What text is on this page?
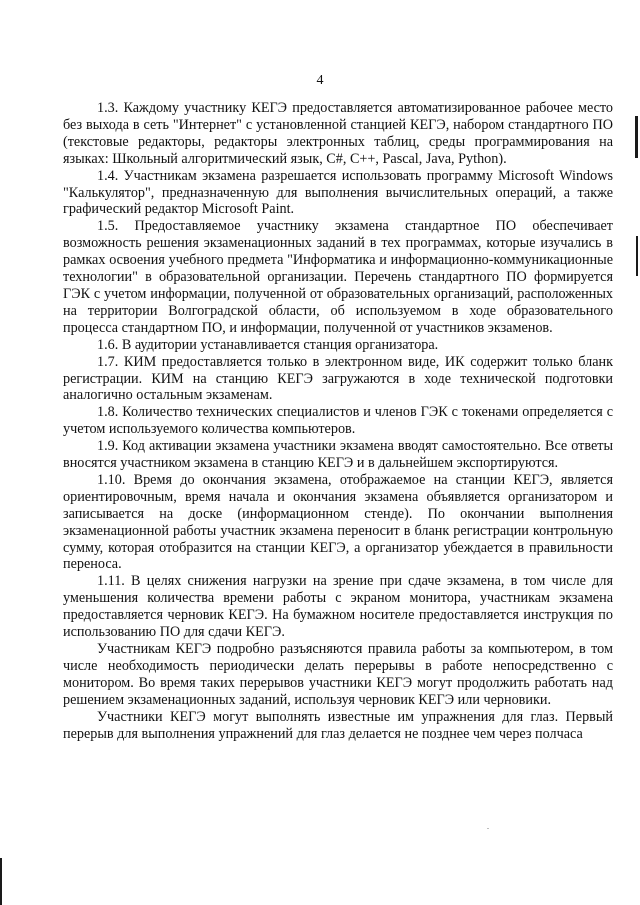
4

1.3. Каждому участнику КЕГЭ предоставляется автоматизированное рабочее место без выхода в сеть "Интернет" с установленной станцией КЕГЭ, набором стандартного ПО (текстовые редакторы, редакторы электронных таблиц, среды программирования на языках: Школьный алгоритмический язык, C#, C++, Pascal, Java, Python).

1.4. Участникам экзамена разрешается использовать программу Microsoft Windows "Калькулятор", предназначенную для выполнения вычислительных операций, а также графический редактор Microsoft Paint.

1.5. Предоставляемое участнику экзамена стандартное ПО обеспечивает возможность решения экзаменационных заданий в тех программах, которые изучались в рамках освоения учебного предмета "Информатика и информационно-коммуникационные технологии" в образовательной организации. Перечень стандартного ПО формируется ГЭК с учетом информации, полученной от образовательных организаций, расположенных на территории Волгоградской области, об используемом в ходе образовательного процесса стандартном ПО, и информации, полученной от участников экзаменов.

1.6. В аудитории устанавливается станция организатора.

1.7. КИМ предоставляется только в электронном виде, ИК содержит только бланк регистрации. КИМ на станцию КЕГЭ загружаются в ходе технической подготовки аналогично остальным экзаменам.

1.8. Количество технических специалистов и членов ГЭК с токенами определяется с учетом используемого количества компьютеров.

1.9. Код активации экзамена участники экзамена вводят самостоятельно. Все ответы вносятся участником экзамена в станцию КЕГЭ и в дальнейшем экспортируются.

1.10. Время до окончания экзамена, отображаемое на станции КЕГЭ, является ориентировочным, время начала и окончания экзамена объявляется организатором и записывается на доске (информационном стенде). По окончании выполнения экзаменационной работы участник экзамена переносит в бланк регистрации контрольную сумму, которая отобразится на станции КЕГЭ, а организатор убеждается в правильности переноса.

1.11. В целях снижения нагрузки на зрение при сдаче экзамена, в том числе для уменьшения количества времени работы с экраном монитора, участникам экзамена предоставляется черновик КЕГЭ. На бумажном носителе предоставляется инструкция по использованию ПО для сдачи КЕГЭ.

Участникам КЕГЭ подробно разъясняются правила работы за компьютером, в том числе необходимость периодически делать перерывы в работе непосредственно с монитором. Во время таких перерывов участники КЕГЭ могут продолжить работать над решением экзаменационных заданий, используя черновик КЕГЭ или черновики.

Участники КЕГЭ могут выполнять известные им упражнения для глаз. Первый перерыв для выполнения упражнений для глаз делается не позднее чем через полчаса
